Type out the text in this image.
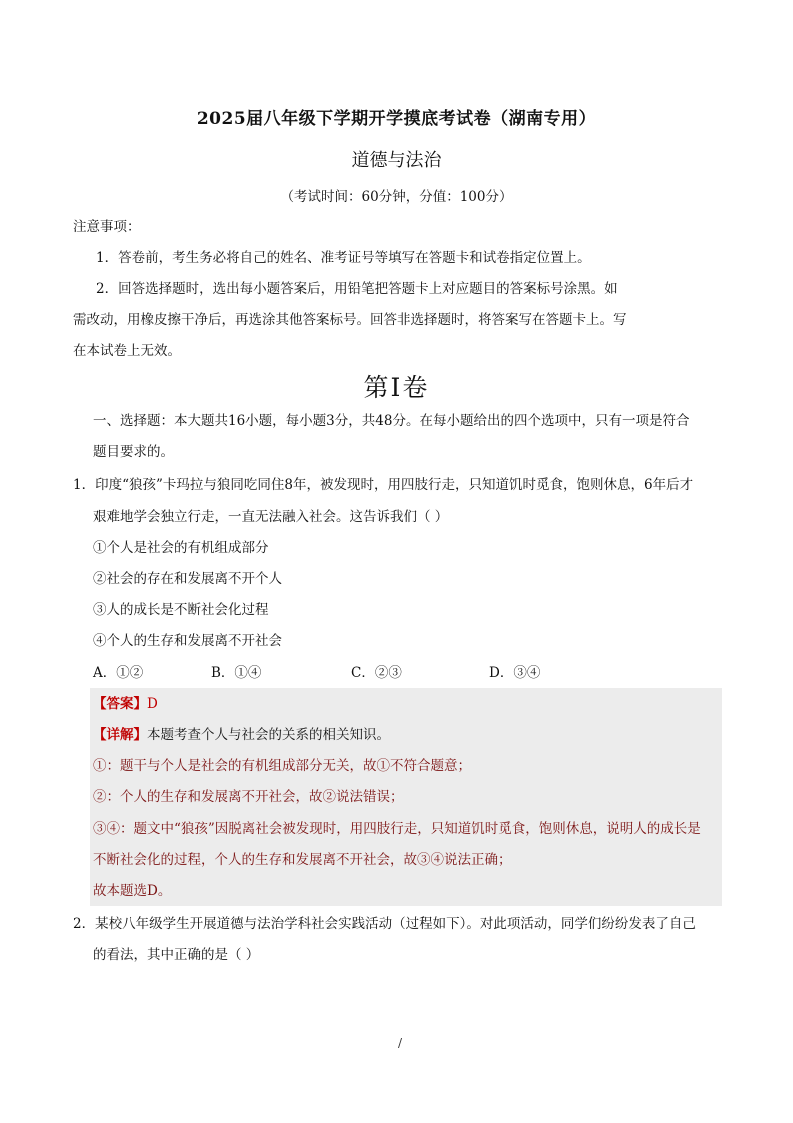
2025届八年级下学期开学摸底考试卷（湖南专用）
道德与法治
（考试时间：60分钟，分值：100分）
注意事项：
1．答卷前，考生务必将自己的姓名、准考证号等填写在答题卡和试卷指定位置上。
2．回答选择题时，选出每小题答案后，用铅笔把答题卡上对应题目的答案标号涂黑。如
需改动，用橡皮擦干净后，再选涂其他答案标号。回答非选择题时，将答案写在答题卡上。写
在本试卷上无效。
第Ⅰ卷
一、选择题：本大题共16小题，每小题3分，共48分。在每小题给出的四个选项中，只有一项是符合
题目要求的。
1．印度“狼孩”卡玛拉与狼同吃同住8年，被发现时，用四肢行走，只知道饥时觅食，饱则休息，6年后才
艰难地学会独立行走，一直无法融入社会。这告诉我们（ ）
①个人是社会的有机组成部分
②社会的存在和发展离不开个人
③人的成长是不断社会化过程
④个人的生存和发展离不开社会
A．①②	B．①④	C．②③	D．③④
【答案】D
【详解】本题考查个人与社会的关系的相关知识。
①：题干与个人是社会的有机组成部分无关，故①不符合题意；
②：个人的生存和发展离不开社会，故②说法错误；
③④：题文中“狼孩”因脱离社会被发现时，用四肢行走，只知道饥时觅食，饱则休息，说明人的成长是
不断社会化的过程，个人的生存和发展离不开社会，故③④说法正确；
故本题选D。
2．某校八年级学生开展道德与法治学科社会实践活动（过程如下）。对此项活动，同学们纷纷发表了自己
的看法，其中正确的是（ ）
/
